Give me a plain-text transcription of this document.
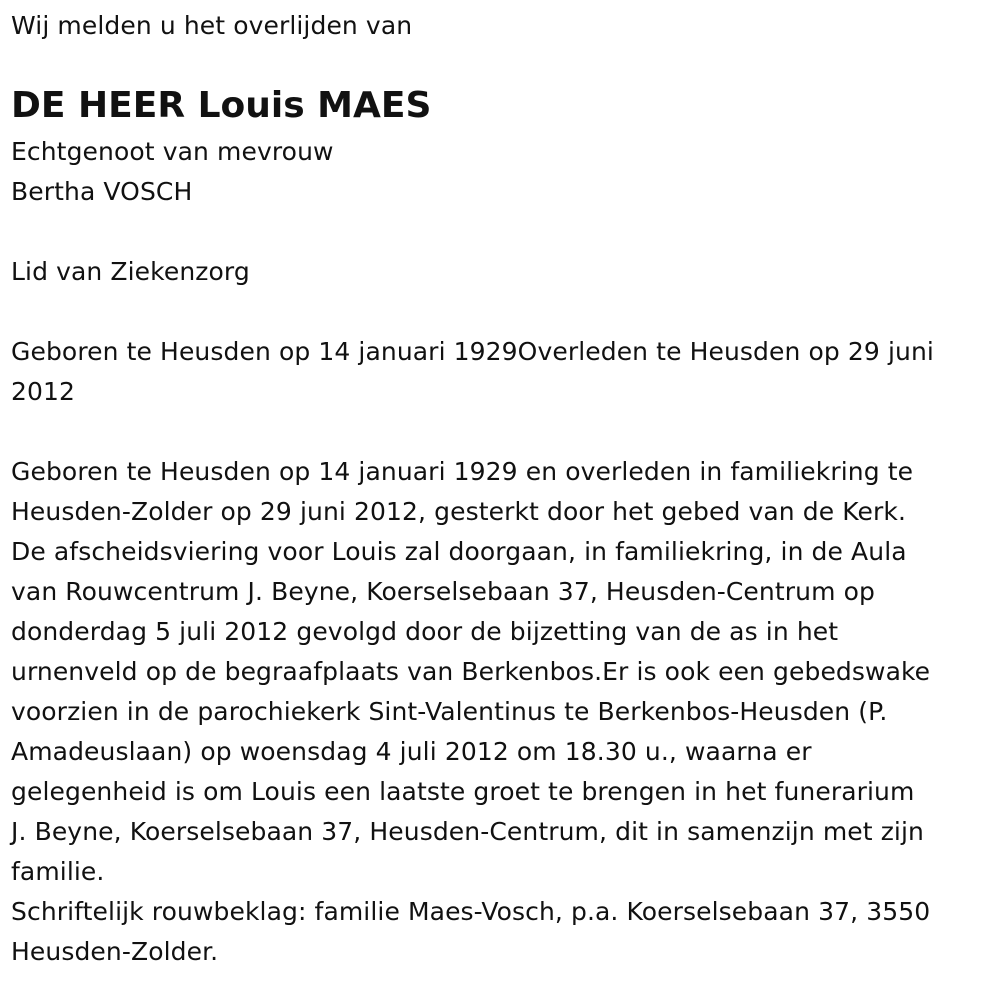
Wij melden u het overlijden van
DE HEER Louis MAES
Echtgenoot van mevrouw
Bertha VOSCH
Lid van Ziekenzorg
Geboren te Heusden op 14 januari 1929Overleden te Heusden op 29 juni
2012
Geboren te Heusden op 14 januari 1929 en overleden in familiekring te
Heusden-Zolder op 29 juni 2012, gesterkt door het gebed van de Kerk.
De afscheidsviering voor Louis zal doorgaan, in familiekring, in de Aula
van Rouwcentrum J. Beyne, Koerselsebaan 37, Heusden-Centrum op
donderdag 5 juli 2012 gevolgd door de bijzetting van de as in het
urnenveld op de begraafplaats van Berkenbos.Er is ook een gebedswake
voorzien in de parochiekerk Sint-Valentinus te Berkenbos-Heusden (P.
Amadeuslaan) op woensdag 4 juli 2012 om 18.30 u., waarna er
gelegenheid is om Louis een laatste groet te brengen in het funerarium
J. Beyne, Koerselsebaan 37, Heusden-Centrum, dit in samenzijn met zijn
familie.
Schriftelijk rouwbeklag: familie Maes-Vosch, p.a. Koerselsebaan 37, 3550
Heusden-Zolder.
